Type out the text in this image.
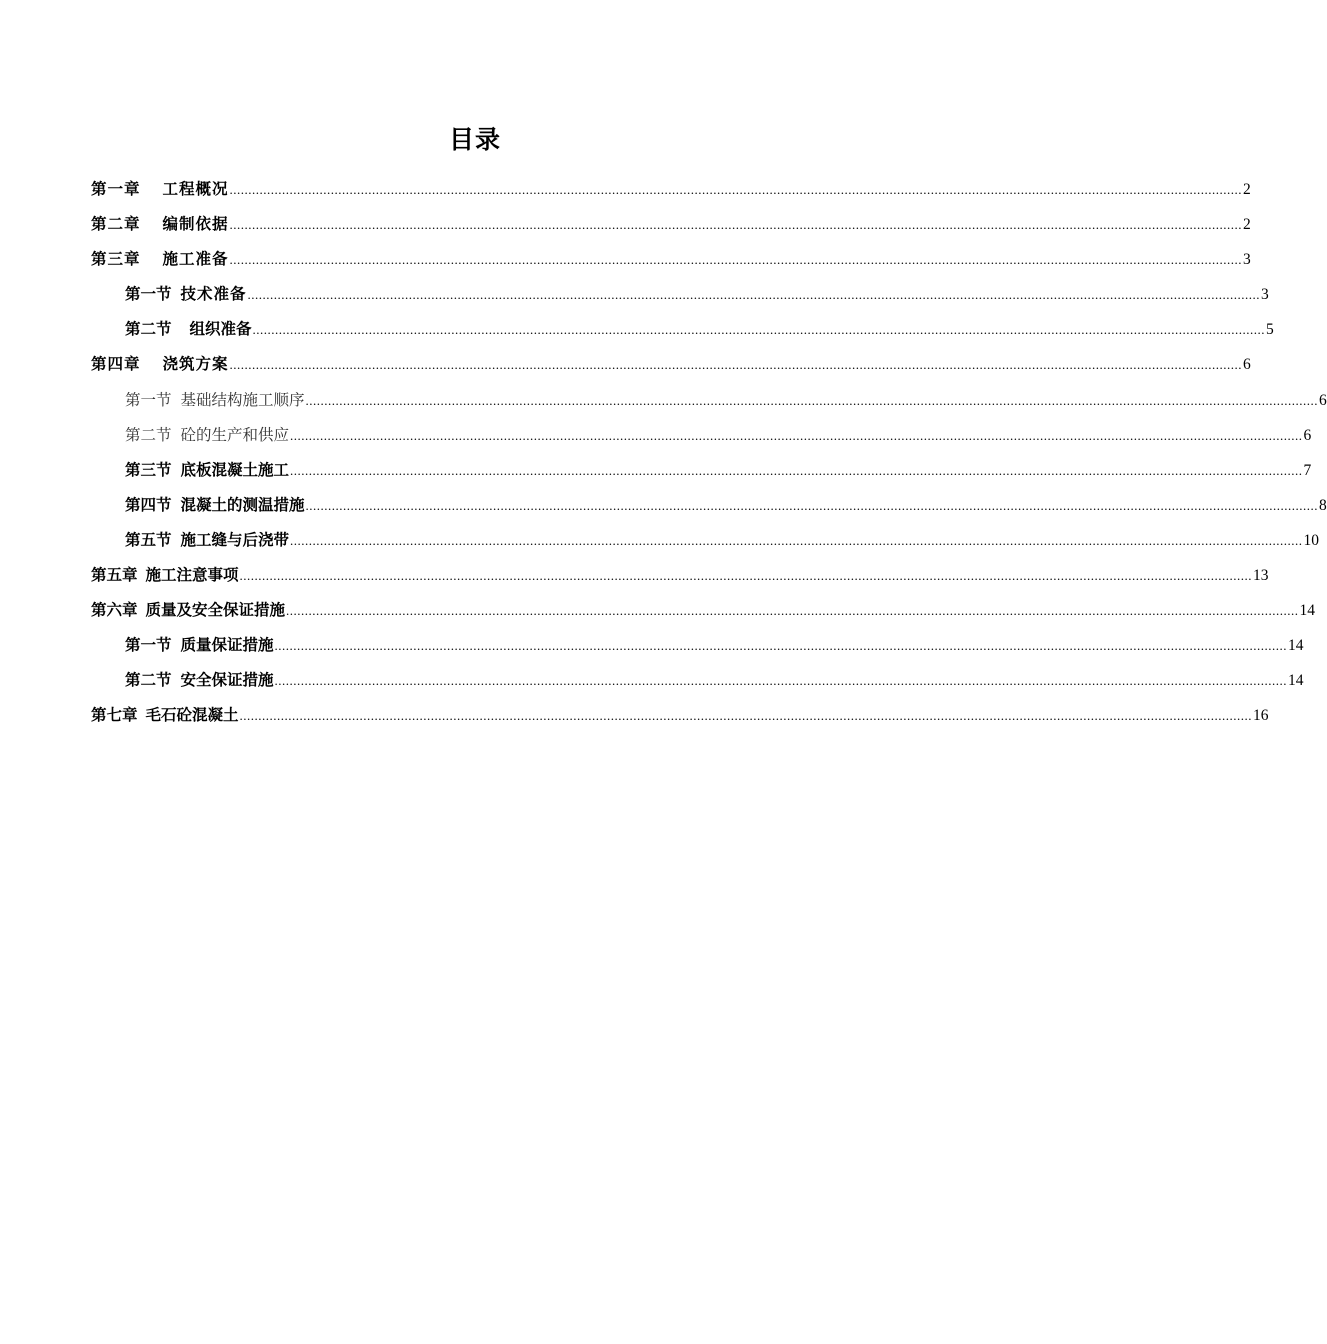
目录
第一章 工程概况 .............................................................................................................................................................................................................................................................................. 2
第二章 编制依据 .............................................................................................................................................................................................................................................................................. 2
第三章 施工准备 .............................................................................................................................................................................................................................................................................. 3
第一节 技术准备 .............................................................................................................................................................................................................................................................................. 3
第二节 组织准备 .............................................................................................................................................................................................................................................................................. 5
第四章 浇筑方案 .............................................................................................................................................................................................................................................................................. 6
第一节 基础结构施工顺序 .............................................................................................................................................................................................................................................................................. 6
第二节 砼的生产和供应 .............................................................................................................................................................................................................................................................................. 6
第三节 底板混凝土施工 .............................................................................................................................................................................................................................................................................. 7
第四节 混凝土的测温措施 .............................................................................................................................................................................................................................................................................. 8
第五节 施工缝与后浇带 .............................................................................................................................................................................................................................................................................. 10
第五章 施工注意事项 .............................................................................................................................................................................................................................................................................. 13
第六章 质量及安全保证措施 .............................................................................................................................................................................................................................................................................. 14
第一节 质量保证措施 .............................................................................................................................................................................................................................................................................. 14
第二节 安全保证措施 .............................................................................................................................................................................................................................................................................. 14
第七章 毛石砼混凝土 .............................................................................................................................................................................................................................................................................. 16
